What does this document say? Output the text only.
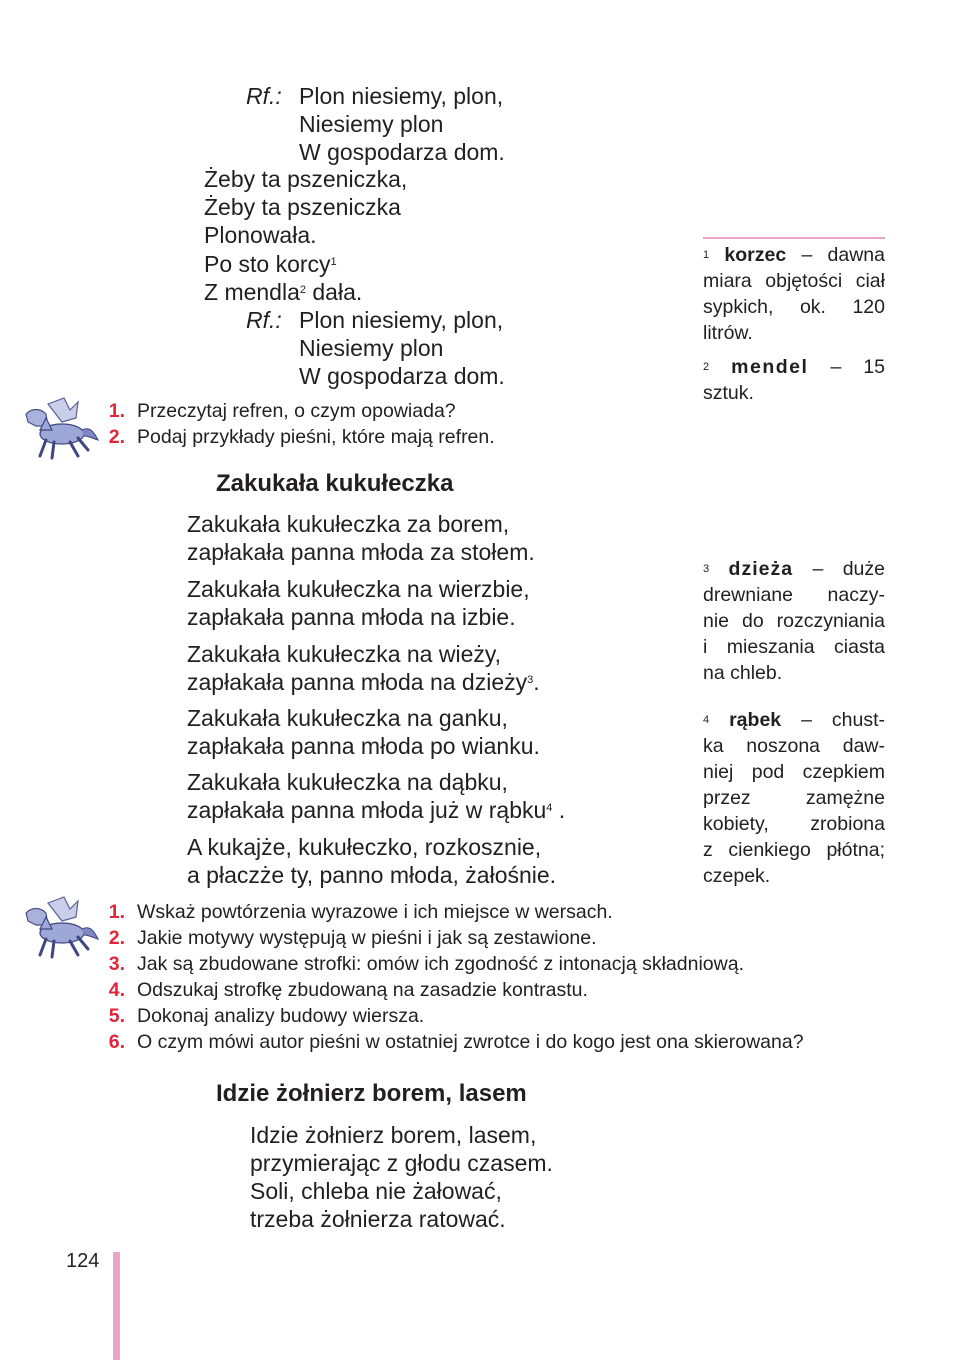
Rf.: Plon niesiemy, plon,
Niesiemy plon
W gospodarza dom.
Żeby ta pszeniczka,
Żeby ta pszeniczka
Plonowała.
Po sto korcy$^1$
Z mendla$^2$ dała.
Rf.: Plon niesiemy, plon,
Niesiemy plon
W gospodarza dom.
1. Przeczytaj refren, o czym opowiada?
2. Podaj przykłady pieśni, które mają refren.
Zakukała kukułeczka
Zakukała kukułeczka za borem,
zapłakała panna młoda za stołem.
Zakukała kukułeczka na wierzbie,
zapłakała panna młoda na izbie.
Zakukała kukułeczka na wieży,
zapłakała panna młoda na dzieży$^3$.
Zakukała kukułeczka na ganku,
zapłakała panna młoda po wianku.
Zakukała kukułeczka na dąbku,
zapłakała panna młoda już w rąbku$^4$ .
A kukajże, kukułeczko, rozkosznie,
a płaczże ty, panno młoda, żałośnie.
1. Wskaż powtórzenia wyrazowe i ich miejsce w wersach.
2. Jakie motywy występują w pieśni i jak są zestawione.
3. Jak są zbudowane strofki: omów ich zgodność z intonacją składniową.
4. Odszukaj strofkę zbudowaną na zasadzie kontrastu.
5. Dokonaj analizy budowy wiersza.
6. O czym mówi autor pieśni w ostatniej zwrotce i do kogo jest ona skierowana?
Idzie żołnierz borem, lasem
Idzie żołnierz borem, lasem,
przymierając z głodu czasem.
Soli, chleba nie żałować,
trzeba żołnierza ratować.
$^1$ korzec – dawna
miara objętości ciał
sypkich, ok. 120
litrów.
$^2$ mendel – 15
sztuk.
$^3$ dzieża – duże
drewniane naczy-
nie do rozczyniania
i mieszania ciasta
na chleb.
$^4$ rąbek – chust-
ka noszona daw-
niej pod czepkiem
przez zamężne
kobiety, zrobiona
z cienkiego płótna;
czepek.
124
